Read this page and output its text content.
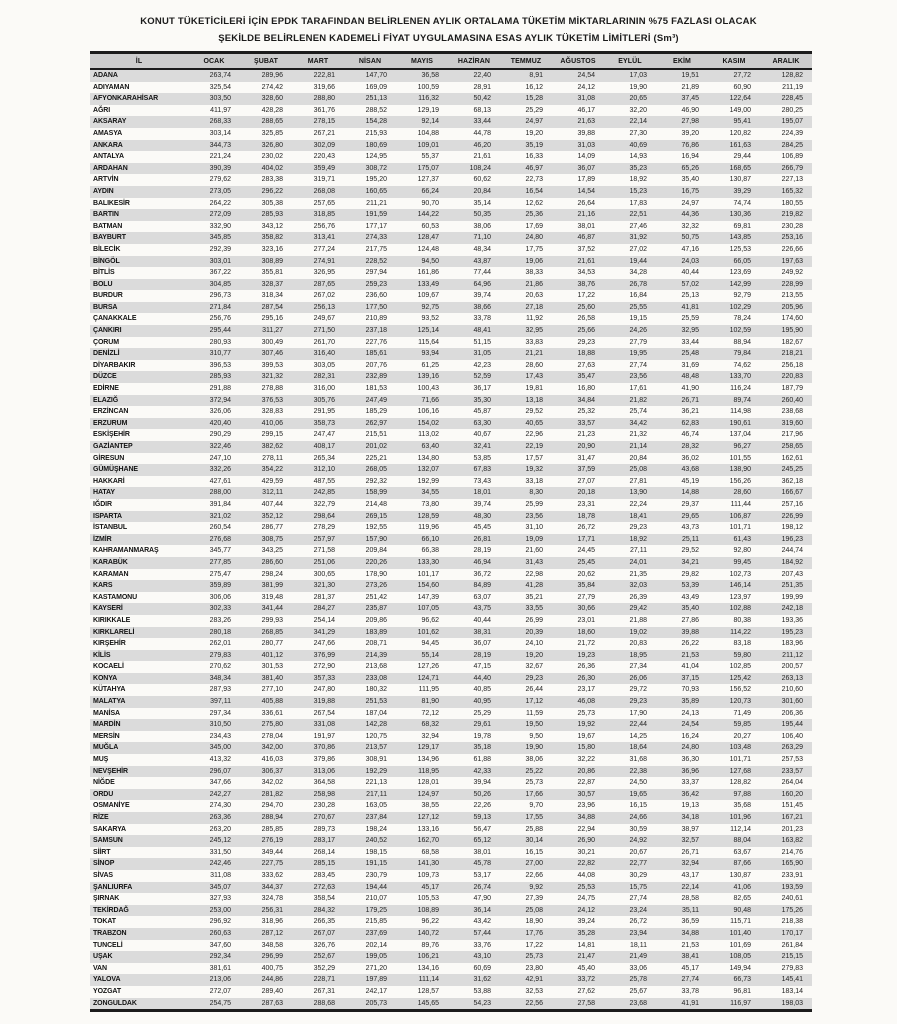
KONUT TÜKETİCİLERİ İÇİN EPDK TARAFINDAN BELİRLENEN AYLIK ORTALAMA TÜKETİM MİKTARLARININ %75 FAZLASI OLACAK
ŞEKİLDE BELİRLENEN KADEMELİ FİYAT UYGULAMASINA ESAS AYLIK TÜKETİM LİMİTLERİ (Sm³)
İL	OCAK	ŞUBAT	MART	NİSAN	MAYIS	HAZİRAN	TEMMUZ	AĞUSTOS	EYLÜL	EKİM	KASIM	ARALIK
ADANA	263,74	289,96	222,81	147,70	36,58	22,40	8,91	24,54	17,03	19,51	27,72	128,82
ADIYAMAN	325,54	274,42	319,66	169,09	100,59	28,91	16,12	24,12	19,90	21,89	60,90	211,19
AFYONKARAHİSAR	303,50	328,60	288,80	251,13	116,32	50,42	15,28	31,08	20,65	37,45	122,64	228,45
AĞRI	411,97	428,28	361,76	288,52	129,19	68,13	25,29	46,17	32,20	46,90	149,00	280,25
AKSARAY	268,33	288,65	278,15	154,28	92,14	33,44	24,97	21,63	22,14	27,98	95,41	195,07
AMASYA	303,14	325,85	267,21	215,93	104,88	44,78	19,20	39,88	27,30	39,20	120,82	224,39
ANKARA	344,73	326,80	302,09	180,69	109,01	46,20	35,19	31,03	40,69	76,86	161,63	284,25
ANTALYA	221,24	230,02	220,43	124,95	55,37	21,61	16,33	14,09	14,93	16,94	29,44	106,89
ARDAHAN	390,39	404,02	359,49	308,72	175,07	108,24	46,97	36,07	35,23	65,26	168,65	266,79
ARTVİN	279,62	283,38	319,71	195,20	127,37	60,62	22,73	17,89	18,92	35,40	130,87	227,13
AYDIN	273,05	296,22	268,08	160,65	66,24	20,84	16,54	14,54	15,23	16,75	39,29	165,32
BALIKESİR	264,22	305,38	257,65	211,21	90,70	35,14	12,62	26,64	17,83	24,97	74,74	180,55
BARTIN	272,09	285,93	318,85	191,59	144,22	50,35	25,36	21,16	22,51	44,36	130,36	219,82
BATMAN	332,90	343,12	256,76	177,17	60,53	38,06	17,69	38,01	27,46	32,32	69,81	230,28
BAYBURT	345,85	358,82	313,41	274,33	128,47	71,10	24,80	46,87	31,92	50,75	143,85	253,16
BİLECİK	292,39	323,16	277,24	217,75	124,48	48,34	17,75	37,52	27,02	47,16	125,53	226,66
BİNGÖL	303,01	308,89	274,91	228,52	94,50	43,87	19,06	21,61	19,44	24,03	66,05	197,63
BİTLİS	367,22	355,81	326,95	297,94	161,86	77,44	38,33	34,53	34,28	40,44	123,69	249,92
BOLU	304,85	328,37	287,65	259,23	133,49	64,96	21,86	38,76	26,78	57,02	142,99	228,99
BURDUR	296,73	318,34	267,02	236,60	109,67	39,74	20,63	17,22	16,84	25,13	92,79	213,55
BURSA	271,84	287,54	256,13	177,50	92,75	38,66	27,18	25,60	25,55	41,81	102,29	205,96
ÇANAKKALE	256,76	295,16	249,67	210,89	93,52	33,78	11,92	26,58	19,15	25,59	78,24	174,60
ÇANKIRI	295,44	311,27	271,50	237,18	125,14	48,41	32,95	25,66	24,26	32,95	102,59	195,90
ÇORUM	280,93	300,49	261,70	227,76	115,64	51,15	33,83	29,23	27,79	33,44	88,94	182,67
DENİZLİ	310,77	307,46	316,40	185,61	93,94	31,05	21,21	18,88	19,95	25,48	79,84	218,21
DİYARBAKIR	396,53	399,53	303,05	207,76	61,25	42,23	28,60	27,63	27,74	31,69	74,62	256,18
DÜZCE	285,93	321,32	282,31	232,89	139,16	52,59	17,43	35,47	23,56	48,48	133,70	220,83
EDİRNE	291,88	278,88	316,00	181,53	100,43	36,17	19,81	16,80	17,61	41,90	116,24	187,79
ELAZIĞ	372,94	376,53	305,76	247,49	71,66	35,30	13,18	34,84	21,82	26,71	89,74	260,40
ERZİNCAN	326,06	328,83	291,95	185,29	106,16	45,87	29,52	25,32	25,74	36,21	114,98	238,68
ERZURUM	420,40	410,06	358,73	262,97	154,02	63,30	40,65	33,57	34,42	62,83	190,61	319,60
ESKİŞEHİR	290,29	299,15	247,47	215,51	113,02	40,67	22,96	21,23	21,32	46,74	137,04	217,96
GAZİANTEP	322,46	382,62	408,17	201,02	63,40	32,41	22,19	20,90	21,14	28,32	96,27	258,65
GİRESUN	247,10	278,11	265,34	225,21	134,80	53,85	17,57	31,47	20,84	36,02	101,55	162,61
GÜMÜŞHANE	332,26	354,22	312,10	268,05	132,07	67,83	19,32	37,59	25,08	43,68	138,90	245,25
HAKKARİ	427,61	429,59	487,55	292,32	192,99	73,43	33,18	27,07	27,81	45,19	156,26	362,18
HATAY	288,00	312,11	242,85	158,99	34,55	18,01	8,30	20,18	13,90	14,88	28,60	166,67
IĞDIR	391,84	407,44	322,79	214,48	73,80	39,74	25,99	23,31	22,24	29,37	111,44	257,16
ISPARTA	321,02	352,12	298,64	269,15	128,59	48,30	23,56	18,78	18,41	29,65	106,87	226,99
İSTANBUL	260,54	286,77	278,29	192,55	119,96	45,45	31,10	26,72	29,23	43,73	101,71	198,12
İZMİR	276,68	308,75	257,97	157,90	66,10	26,81	19,09	17,71	18,92	25,11	61,43	196,23
KAHRAMANMARAŞ	345,77	343,25	271,58	209,84	66,38	28,19	21,60	24,45	27,11	29,52	92,80	244,74
KARABÜK	277,85	286,60	251,06	220,26	133,30	46,94	31,43	25,45	24,01	34,21	99,45	184,92
KARAMAN	275,47	298,24	300,65	178,90	101,17	36,72	22,98	20,62	21,35	29,82	102,73	207,43
KARS	359,89	381,99	321,30	273,26	154,60	84,89	41,28	35,84	32,03	53,39	146,14	251,35
KASTAMONU	306,06	319,48	281,37	251,42	147,39	63,07	35,21	27,79	26,39	43,49	123,97	199,99
KAYSERİ	302,33	341,44	284,27	235,87	107,05	43,75	33,55	30,66	29,42	35,40	102,88	242,18
KIRIKKALE	283,26	299,93	254,14	209,86	96,62	40,44	26,99	23,01	21,88	27,86	80,38	193,36
KIRKLARELİ	280,18	268,85	341,29	183,89	101,62	38,31	20,39	18,60	19,02	39,88	114,22	195,23
KIRŞEHİR	262,01	280,77	247,66	208,71	94,45	36,07	24,10	21,72	20,83	26,22	83,18	183,96
KİLİS	279,83	401,12	376,99	214,39	55,14	28,19	19,20	19,23	18,95	21,53	59,80	211,12
KOCAELİ	270,62	301,53	272,90	213,68	127,26	47,15	32,67	26,36	27,34	41,04	102,85	200,57
KONYA	348,34	381,40	357,33	233,08	124,71	44,40	29,23	26,30	26,06	37,15	125,42	263,13
KÜTAHYA	287,93	277,10	247,80	180,32	111,95	40,85	26,44	23,17	29,72	70,93	156,52	210,60
MALATYA	397,11	405,88	319,88	251,53	81,90	40,95	17,12	46,08	29,23	35,89	120,73	301,60
MANİSA	297,34	336,61	267,54	187,04	72,12	25,29	11,59	25,73	17,90	24,13	71,49	206,36
MARDİN	310,50	275,80	331,08	142,28	68,32	29,61	19,50	19,92	22,44	24,54	59,85	195,44
MERSİN	234,43	278,04	191,97	120,75	32,94	19,78	9,50	19,67	14,25	16,24	20,27	106,40
MUĞLA	345,00	342,00	370,86	213,57	129,17	35,18	19,90	15,80	18,64	24,80	103,48	263,29
MUŞ	413,32	416,03	379,86	308,91	134,96	61,88	38,06	32,22	31,68	36,30	101,71	257,53
NEVŞEHİR	296,07	306,37	313,06	192,29	118,95	42,33	25,22	20,86	22,38	36,96	127,68	233,57
NİĞDE	347,66	342,02	364,58	221,13	128,01	39,94	25,73	22,87	24,50	33,37	128,82	264,04
ORDU	242,27	281,82	258,98	217,11	124,97	50,26	17,66	30,57	19,65	36,42	97,88	160,20
OSMANİYE	274,30	294,70	230,28	163,05	38,55	22,26	9,70	23,96	16,15	19,13	35,68	151,45
RİZE	263,36	288,94	270,67	237,84	127,12	59,13	17,55	34,88	24,66	34,18	101,96	167,21
SAKARYA	263,20	285,85	289,73	198,24	133,16	56,47	25,88	22,94	30,59	38,97	112,14	201,23
SAMSUN	245,12	276,19	283,17	240,52	162,70	65,12	30,14	26,90	24,92	32,57	88,04	163,82
SİİRT	331,50	349,44	268,14	198,15	68,58	38,01	16,15	30,21	20,67	26,71	63,67	214,76
SİNOP	242,46	227,75	285,15	191,15	141,30	45,78	27,00	22,82	22,77	32,94	87,66	165,90
SİVAS	311,08	333,62	283,45	230,79	109,73	53,17	22,66	44,08	30,29	43,17	130,87	233,91
ŞANLIURFA	345,07	344,37	272,63	194,44	45,17	26,74	9,92	25,53	15,75	22,14	41,06	193,59
ŞIRNAK	327,93	324,78	358,54	210,07	105,53	47,90	27,39	24,75	27,74	28,58	82,65	240,61
TEKİRDAĞ	253,00	256,31	284,32	179,25	108,89	36,14	25,08	24,12	23,24	35,11	90,48	175,26
TOKAT	296,92	318,96	266,35	215,85	96,22	43,42	18,90	39,24	26,72	36,59	115,71	218,38
TRABZON	260,63	287,12	267,07	237,69	140,72	57,44	17,76	35,28	23,94	34,88	101,40	170,17
TUNCELİ	347,60	348,58	326,76	202,14	89,76	33,76	17,22	14,81	18,11	21,53	101,69	261,84
UŞAK	292,34	296,99	252,67	199,05	106,21	43,10	25,73	21,47	21,49	38,41	108,05	215,15
VAN	381,61	400,75	352,29	271,20	134,16	60,69	23,80	45,40	33,06	45,17	149,94	279,83
YALOVA	213,06	244,86	228,71	197,89	111,14	31,62	42,91	33,72	25,78	27,74	66,73	145,41
YOZGAT	272,07	289,40	267,31	242,17	128,57	53,88	32,53	27,62	25,67	33,78	96,81	183,14
ZONGULDAK	254,75	287,63	288,68	205,73	145,65	54,23	22,56	27,58	23,68	41,91	116,97	198,03
